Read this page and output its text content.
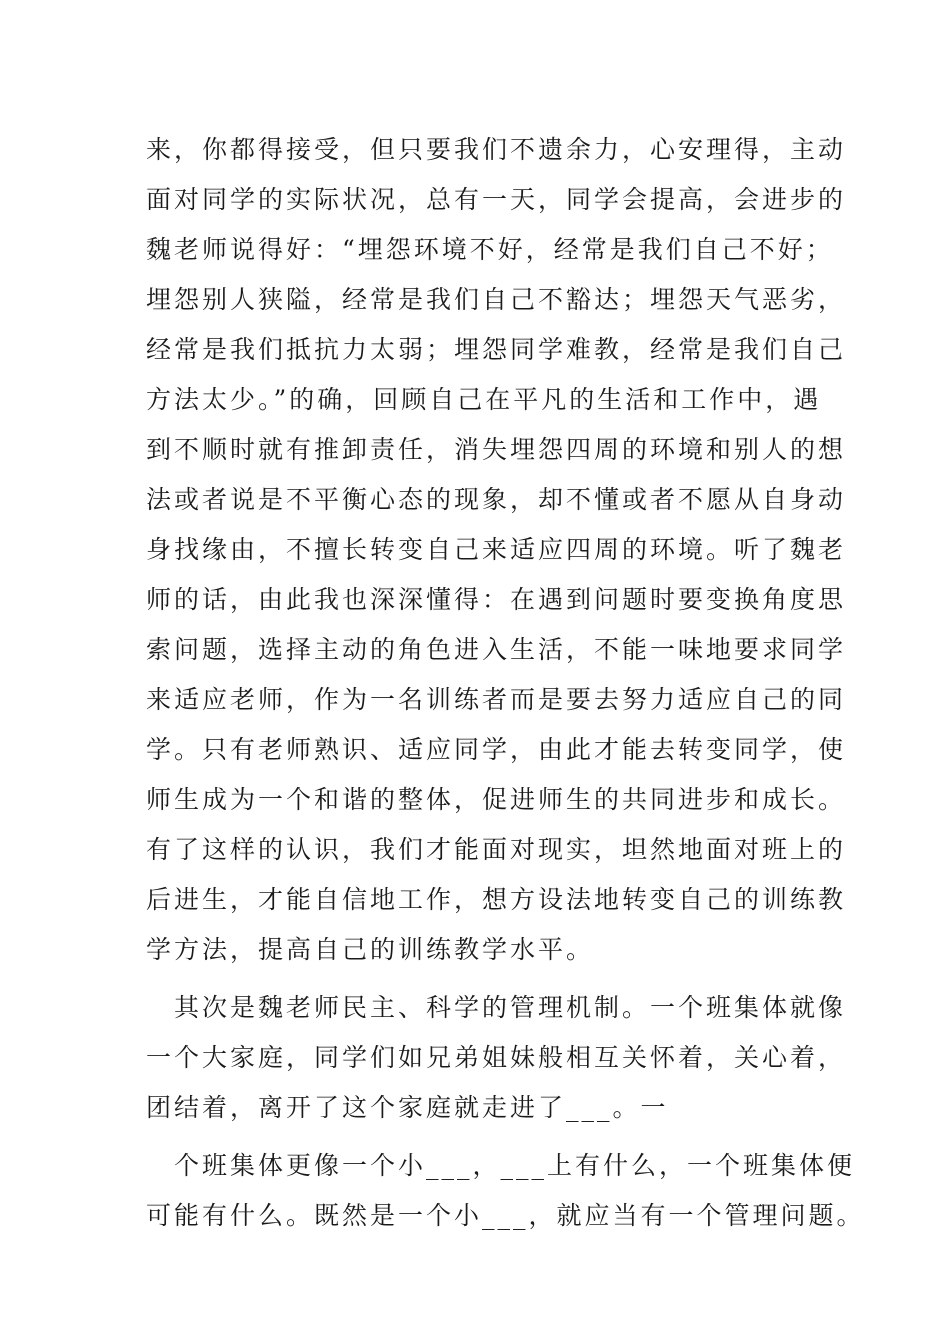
来，你都得接受，但只要我们不遗余力，心安理得，主动
面对同学的实际状况，总有一天，同学会提高，会进步的
魏老师说得好：“埋怨环境不好，经常是我们自己不好；
埋怨别人狭隘，经常是我们自己不豁达；埋怨天气恶劣，
经常是我们抵抗力太弱；埋怨同学难教，经常是我们自己
方法太少。”的确，回顾自己在平凡的生活和工作中，遇
到不顺时就有推卸责任，消失埋怨四周的环境和别人的想
法或者说是不平衡心态的现象，却不懂或者不愿从自身动
身找缘由，不擅长转变自己来适应四周的环境。听了魏老
师的话，由此我也深深懂得：在遇到问题时要变换角度思
索问题，选择主动的角色进入生活，不能一味地要求同学
来适应老师，作为一名训练者而是要去努力适应自己的同
学。只有老师熟识、适应同学，由此才能去转变同学，使
师生成为一个和谐的整体，促进师生的共同进步和成长。
有了这样的认识，我们才能面对现实，坦然地面对班上的
后进生，才能自信地工作，想方设法地转变自己的训练教
学方法，提高自己的训练教学水平。
其次是魏老师民主、科学的管理机制。一个班集体就像
一个大家庭，同学们如兄弟姐妹般相互关怀着，关心着，
团结着，离开了这个家庭就走进了___。一
个班集体更像一个小___，___上有什么，一个班集体便
可能有什么。既然是一个小___，就应当有一个管理问题。
